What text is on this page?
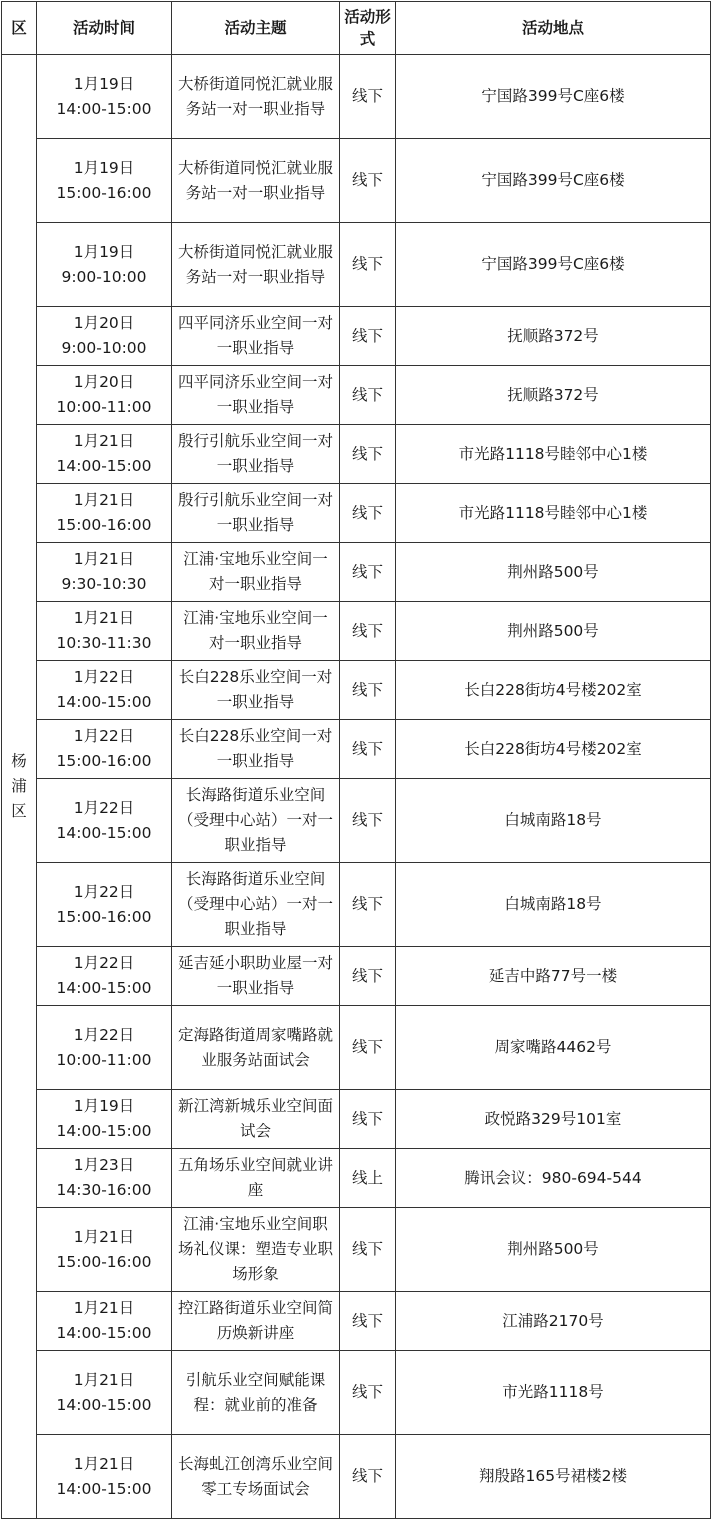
区	活动时间	活动主题	活动形式	活动地点

杨浦区	1月19日
14:00-15:00	大桥街道同悦汇就业服务站一对一职业指导	线下	宁国路399号C座6楼

	1月19日
15:00-16:00	大桥街道同悦汇就业服务站一对一职业指导	线下	宁国路399号C座6楼

	1月19日
9:00-10:00	大桥街道同悦汇就业服务站一对一职业指导	线下	宁国路399号C座6楼

	1月20日
9:00-10:00	四平同济乐业空间一对一职业指导	线下	抚顺路372号

	1月20日
10:00-11:00	四平同济乐业空间一对一职业指导	线下	抚顺路372号

	1月21日
14:00-15:00	殷行引航乐业空间一对一职业指导	线下	市光路1118号睦邻中心1楼

	1月21日
15:00-16:00	殷行引航乐业空间一对一职业指导	线下	市光路1118号睦邻中心1楼

	1月21日
9:30-10:30	江浦·宝地乐业空间一对一职业指导	线下	荆州路500号

	1月21日
10:30-11:30	江浦·宝地乐业空间一对一职业指导	线下	荆州路500号

	1月22日
14:00-15:00	长白228乐业空间一对一职业指导	线下	长白228街坊4号楼202室

	1月22日
15:00-16:00	长白228乐业空间一对一职业指导	线下	长白228街坊4号楼202室

	1月22日
14:00-15:00	长海路街道乐业空间（受理中心站）一对一职业指导	线下	白城南路18号

	1月22日
15:00-16:00	长海路街道乐业空间（受理中心站）一对一职业指导	线下	白城南路18号

	1月22日
14:00-15:00	延吉延小职助业屋一对一职业指导	线下	延吉中路77号一楼

	1月22日
10:00-11:00	定海路街道周家嘴路就业服务站面试会	线下	周家嘴路4462号

	1月19日
14:00-15:00	新江湾新城乐业空间面试会	线下	政悦路329号101室

	1月23日
14:30-16:00	五角场乐业空间就业讲座	线上	腾讯会议：980-694-544

	1月21日
15:00-16:00	江浦·宝地乐业空间职场礼仪课：塑造专业职场形象	线下	荆州路500号

	1月21日
14:00-15:00	控江路街道乐业空间简历焕新讲座	线下	江浦路2170号

	1月21日
14:00-15:00	引航乐业空间赋能课程：就业前的准备	线下	市光路1118号

	1月21日
14:00-15:00	长海虬江创湾乐业空间零工专场面试会	线下	翔殷路165号裙楼2楼
